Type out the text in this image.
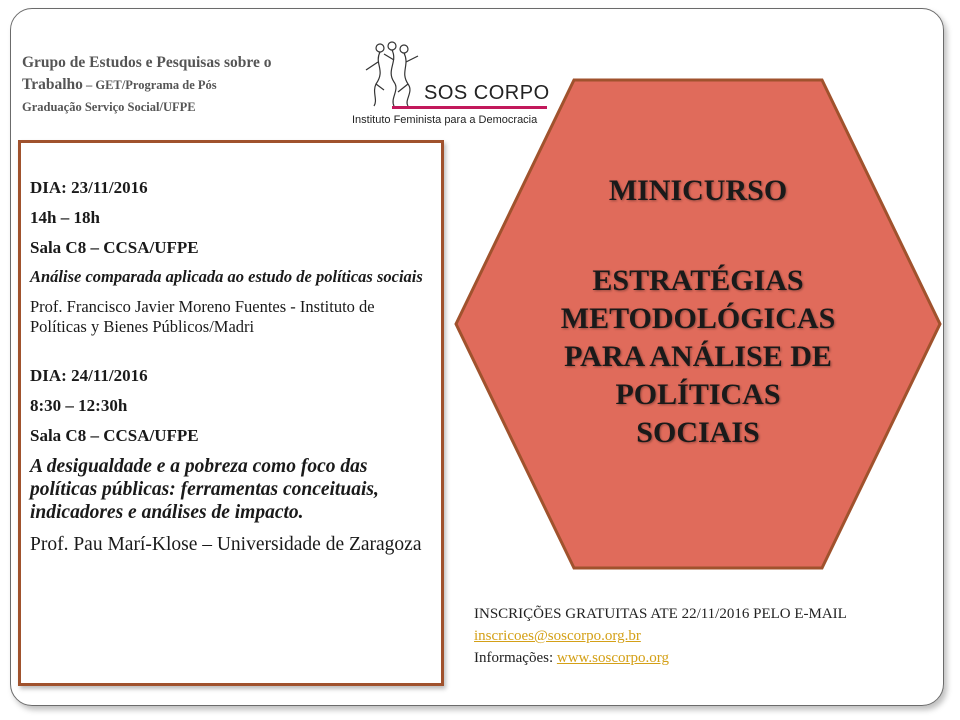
Grupo de Estudos e Pesquisas sobre o
Trabalho – GET/Programa de Pós
Graduação Serviço Social/UFPE
SOS CORPO
Instituto Feminista para a Democracia
DIA: 23/11/2016
14h – 18h
Sala C8 – CCSA/UFPE
Análise comparada aplicada ao estudo de políticas sociais
Prof. Francisco Javier Moreno Fuentes - Instituto de Políticas y Bienes Públicos/Madri
DIA: 24/11/2016
8:30 – 12:30h
Sala C8 – CCSA/UFPE
A desigualdade e a pobreza como foco das políticas públicas: ferramentas conceituais, indicadores e análises de impacto.
Prof. Pau Marí-Klose – Universidade de Zaragoza
MINICURSO
ESTRATÉGIAS
METODOLÓGICAS
PARA ANÁLISE DE
POLÍTICAS
SOCIAIS
INSCRIÇÕES GRATUITAS ATE 22/11/2016 PELO E-MAIL inscricoes@soscorpo.org.br
Informações: www.soscorpo.org
